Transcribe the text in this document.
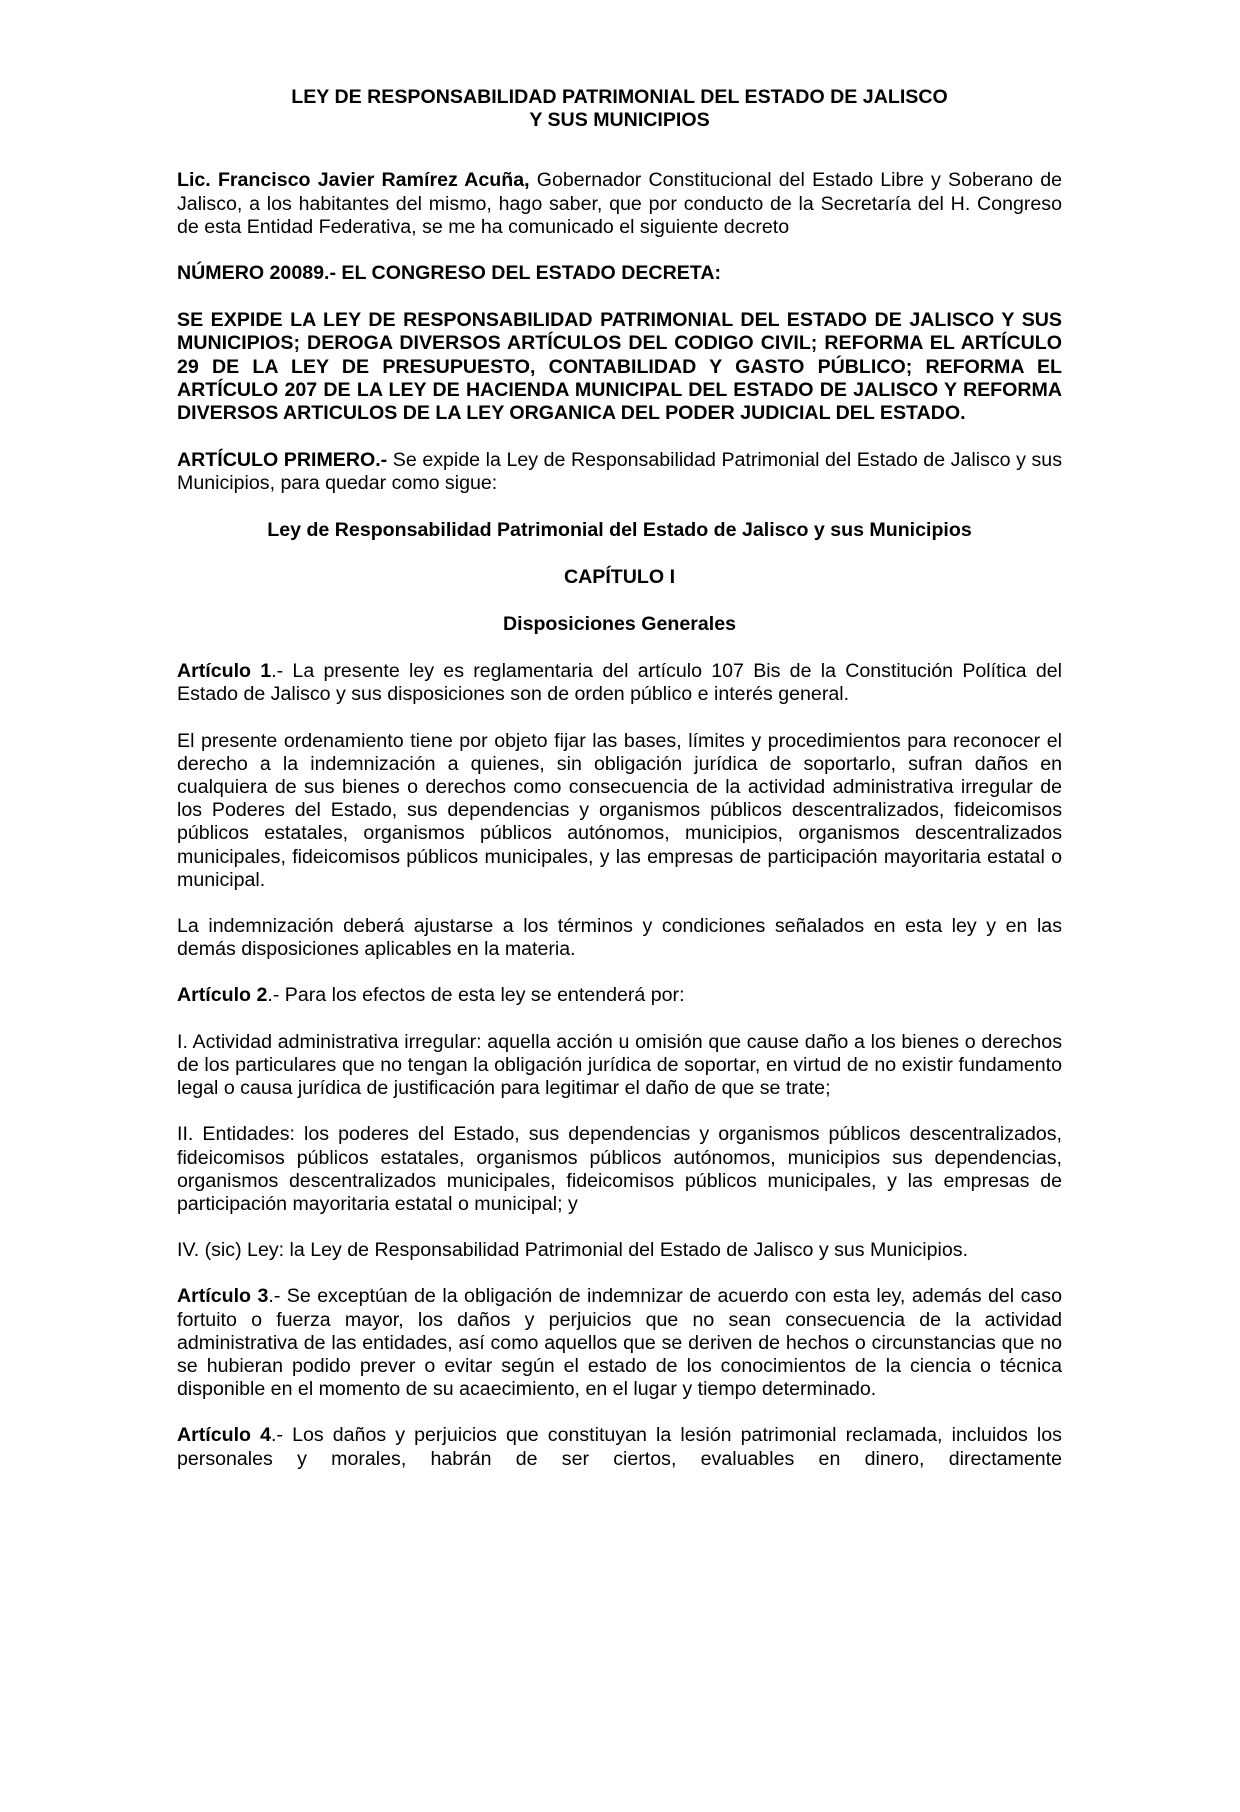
LEY DE RESPONSABILIDAD PATRIMONIAL DEL ESTADO DE JALISCO
Y SUS MUNICIPIOS

Lic. Francisco Javier Ramírez Acuña, Gobernador Constitucional del Estado Libre y Soberano de Jalisco, a los habitantes del mismo, hago saber, que por conducto de la Secretaría del H. Congreso de esta Entidad Federativa, se me ha comunicado el siguiente decreto

NÚMERO 20089.- EL CONGRESO DEL ESTADO DECRETA:

SE EXPIDE LA LEY DE RESPONSABILIDAD PATRIMONIAL DEL ESTADO DE JALISCO Y SUS MUNICIPIOS; DEROGA DIVERSOS ARTÍCULOS DEL CODIGO CIVIL; REFORMA EL ARTÍCULO 29 DE LA LEY DE PRESUPUESTO, CONTABILIDAD Y GASTO PÚBLICO; REFORMA EL ARTÍCULO 207 DE LA LEY DE HACIENDA MUNICIPAL DEL ESTADO DE JALISCO Y REFORMA DIVERSOS ARTICULOS DE LA LEY ORGANICA DEL PODER JUDICIAL DEL ESTADO.

ARTÍCULO PRIMERO.- Se expide la Ley de Responsabilidad Patrimonial del Estado de Jalisco y sus Municipios, para quedar como sigue:

Ley de Responsabilidad Patrimonial del Estado de Jalisco y sus Municipios

CAPÍTULO I

Disposiciones Generales

Artículo 1.- La presente ley es reglamentaria del artículo 107 Bis de la Constitución Política del Estado de Jalisco y sus disposiciones son de orden público e interés general.

El presente ordenamiento tiene por objeto fijar las bases, límites y procedimientos para reconocer el derecho a la indemnización a quienes, sin obligación jurídica de soportarlo, sufran daños en cualquiera de sus bienes o derechos como consecuencia de la actividad administrativa irregular de los Poderes del Estado, sus dependencias y organismos públicos descentralizados, fideicomisos públicos estatales, organismos públicos autónomos, municipios, organismos descentralizados municipales, fideicomisos públicos municipales, y las empresas de participación mayoritaria estatal o municipal.

La indemnización deberá ajustarse a los términos y condiciones señalados en esta ley y en las demás disposiciones aplicables en la materia.

Artículo 2.- Para los efectos de esta ley se entenderá por:

I. Actividad administrativa irregular: aquella acción u omisión que cause daño a los bienes o derechos de los particulares que no tengan la obligación jurídica de soportar, en virtud de no existir fundamento legal o causa jurídica de justificación para legitimar el daño de que se trate;

II. Entidades: los poderes del Estado, sus dependencias y organismos públicos descentralizados, fideicomisos públicos estatales, organismos públicos autónomos, municipios sus dependencias, organismos descentralizados municipales, fideicomisos públicos municipales, y las empresas de participación mayoritaria estatal o municipal; y

IV. (sic) Ley: la Ley de Responsabilidad Patrimonial del Estado de Jalisco y sus Municipios.

Artículo 3.- Se exceptúan de la obligación de indemnizar de acuerdo con esta ley, además del caso fortuito o fuerza mayor, los daños y perjuicios que no sean consecuencia de la actividad administrativa de las entidades, así como aquellos que se deriven de hechos o circunstancias que no se hubieran podido prever o evitar según el estado de los conocimientos de la ciencia o técnica disponible en el momento de su acaecimiento, en el lugar y tiempo determinado.

Artículo 4.- Los daños y perjuicios que constituyan la lesión patrimonial reclamada, incluidos los personales y morales, habrán de ser ciertos, evaluables en dinero, directamente
